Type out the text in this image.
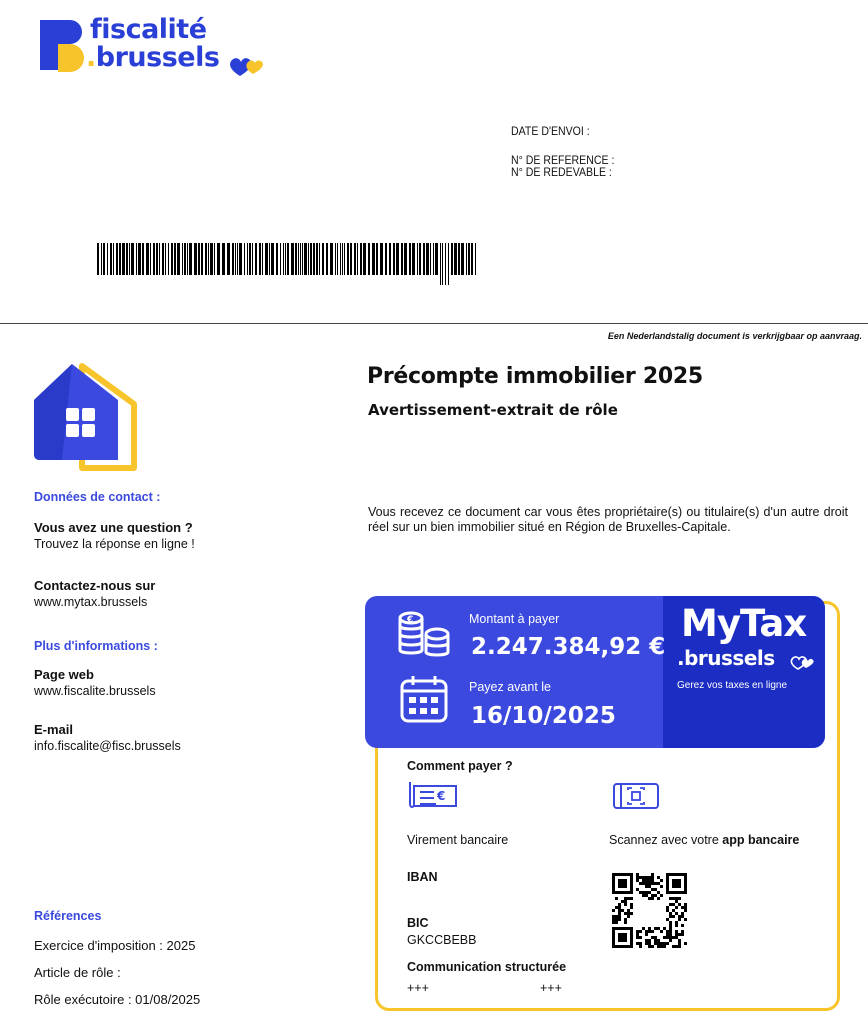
fiscalité
.brussels
DATE D'ENVOI :
N° DE REFERENCE :
N° DE REDEVABLE :
Een Nederlandstalig document is verkrijgbaar op aanvraag.
Données de contact :
Vous avez une question ?
Trouvez la réponse en ligne !
Contactez-nous sur
www.mytax.brussels
Plus d'informations :
Page web
www.fiscalite.brussels
E-mail
info.fiscalite@fisc.brussels
Références
Exercice d'imposition : 2025
Article de rôle :
Rôle exécutoire : 01/08/2025
Précompte immobilier 2025
Avertissement-extrait de rôle
Vous recevez ce document car vous êtes propriétaire(s) ou titulaire(s) d'un autre droit réel sur un bien immobilier situé en Région de Bruxelles-Capitale.
€	Montant à payer
2.247.384,92 €
Payez avant le
16/10/2025
MyTax
.brussels
Gerez vos taxes en ligne
Comment payer ?
€
Virement bancaire	Scannez avec votre app bancaire
IBAN
BIC
GKCCBEBB
Communication structurée
+++	+++
